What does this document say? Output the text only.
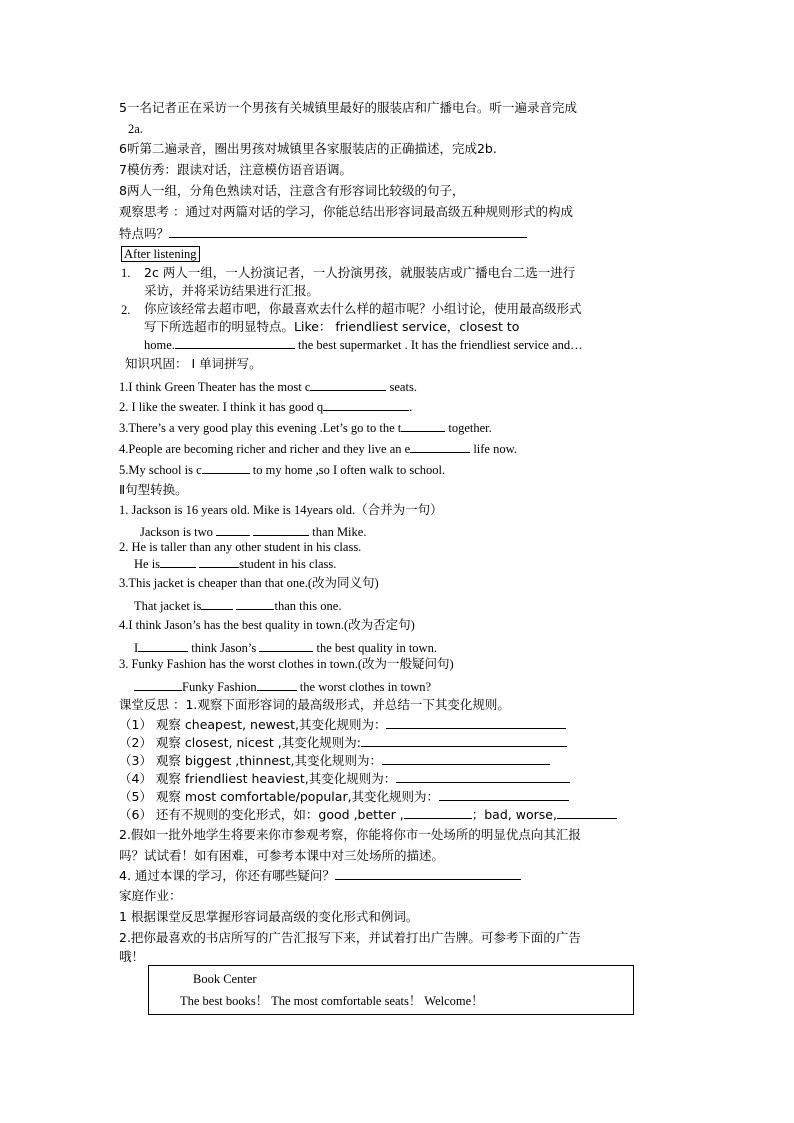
5一名记者正在采访一个男孩有关城镇里最好的服装店和广播电台。听一遍录音完成
2a.
6听第二遍录音，圈出男孩对城镇里各家服装店的正确描述，完成2b.
7模仿秀：跟读对话，注意模仿语音语调。
8两人一组，分角色熟读对话，注意含有形容词比较级的句子，
观察思考 ：通过对两篇对话的学习，你能总结出形容词最高级五种规则形式的构成
特点吗？
After listening
1. 2c 两人一组，一人扮演记者，一人扮演男孩，就服装店或广播电台二选一进行
采访，并将采访结果进行汇报。
2. 你应该经常去超市吧，你最喜欢去什么样的超市呢？小组讨论，使用最高级形式
写下所选超市的明显特点。Like： friendliest service，closest to
home.	the best supermarket . It has the friendliest service and…
知识巩固： I 单词拼写。
1.I think Green Theater has the most c	seats.
2. I like the sweater. I think it has good q	.
3.There’s a very good play this evening .Let’s go to the t	together.
4.People are becoming richer and richer and they live an e	life now.
5.My school is c	to my home ,so I often walk to school.
Ⅱ句型转换。
1. Jackson is 16 years old. Mike is 14years old.（合并为一句）
Jackson is two	than Mike.
2. He is taller than any other student in his class.
He is	student in his class.
3.This jacket is cheaper than that one.(改为同义句)
That jacket is	than this one.
4.I think Jason’s has the best quality in town.(改为否定句)
I	think Jason’s	the best quality in town.
3. Funky Fashion has the worst clothes in town.(改为一般疑问句)
Funky Fashion	the worst clothes in town?
课堂反思 ：1.观察下面形容词的最高级形式，并总结一下其变化规则。
（1） 观察 cheapest, newest,其变化规则为：
（2） 观察 closest, nicest ,其变化规则为:
（3） 观察 biggest ,thinnest,其变化规则为：
（4） 观察 friendliest heaviest,其变化规则为：
（5） 观察 most comfortable/popular,其变化规则为：
（6） 还有不规则的变化形式，如：good ,better ,	；bad, worse,
2.假如一批外地学生将要来你市参观考察，你能将你市一处场所的明显优点向其汇报
吗？试试看！如有困难，可参考本课中对三处场所的描述。
4. 通过本课的学习，你还有哪些疑问？
家庭作业：
1 根据课堂反思掌握形容词最高级的变化形式和例词。
2.把你最喜欢的书店所写的广告汇报写下来，并试着打出广告牌。可参考下面的广告
哦！
Book Center
The best books！ The most comfortable seats！ Welcome！
